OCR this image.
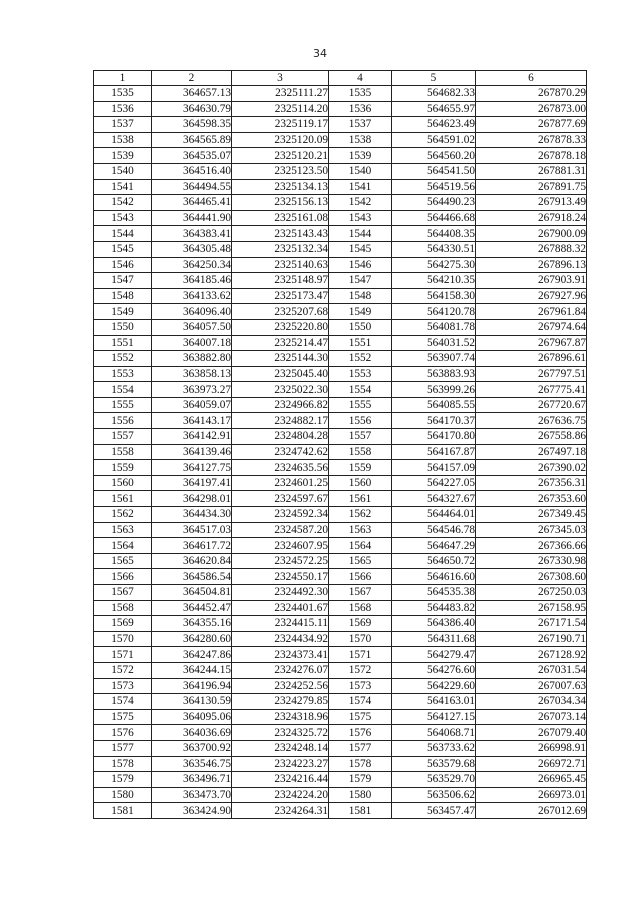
34
1	2	3	4	5	6
1535	364657.13	2325111.27	1535	564682.33	267870.29
1536	364630.79	2325114.20	1536	564655.97	267873.00
1537	364598.35	2325119.17	1537	564623.49	267877.69
1538	364565.89	2325120.09	1538	564591.02	267878.33
1539	364535.07	2325120.21	1539	564560.20	267878.18
1540	364516.40	2325123.50	1540	564541.50	267881.31
1541	364494.55	2325134.13	1541	564519.56	267891.75
1542	364465.41	2325156.13	1542	564490.23	267913.49
1543	364441.90	2325161.08	1543	564466.68	267918.24
1544	364383.41	2325143.43	1544	564408.35	267900.09
1545	364305.48	2325132.34	1545	564330.51	267888.32
1546	364250.34	2325140.63	1546	564275.30	267896.13
1547	364185.46	2325148.97	1547	564210.35	267903.91
1548	364133.62	2325173.47	1548	564158.30	267927.96
1549	364096.40	2325207.68	1549	564120.78	267961.84
1550	364057.50	2325220.80	1550	564081.78	267974.64
1551	364007.18	2325214.47	1551	564031.52	267967.87
1552	363882.80	2325144.30	1552	563907.74	267896.61
1553	363858.13	2325045.40	1553	563883.93	267797.51
1554	363973.27	2325022.30	1554	563999.26	267775.41
1555	364059.07	2324966.82	1555	564085.55	267720.67
1556	364143.17	2324882.17	1556	564170.37	267636.75
1557	364142.91	2324804.28	1557	564170.80	267558.86
1558	364139.46	2324742.62	1558	564167.87	267497.18
1559	364127.75	2324635.56	1559	564157.09	267390.02
1560	364197.41	2324601.25	1560	564227.05	267356.31
1561	364298.01	2324597.67	1561	564327.67	267353.60
1562	364434.30	2324592.34	1562	564464.01	267349.45
1563	364517.03	2324587.20	1563	564546.78	267345.03
1564	364617.72	2324607.95	1564	564647.29	267366.66
1565	364620.84	2324572.25	1565	564650.72	267330.98
1566	364586.54	2324550.17	1566	564616.60	267308.60
1567	364504.81	2324492.30	1567	564535.38	267250.03
1568	364452.47	2324401.67	1568	564483.82	267158.95
1569	364355.16	2324415.11	1569	564386.40	267171.54
1570	364280.60	2324434.92	1570	564311.68	267190.71
1571	364247.86	2324373.41	1571	564279.47	267128.92
1572	364244.15	2324276.07	1572	564276.60	267031.54
1573	364196.94	2324252.56	1573	564229.60	267007.63
1574	364130.59	2324279.85	1574	564163.01	267034.34
1575	364095.06	2324318.96	1575	564127.15	267073.14
1576	364036.69	2324325.72	1576	564068.71	267079.40
1577	363700.92	2324248.14	1577	563733.62	266998.91
1578	363546.75	2324223.27	1578	563579.68	266972.71
1579	363496.71	2324216.44	1579	563529.70	266965.45
1580	363473.70	2324224.20	1580	563506.62	266973.01
1581	363424.90	2324264.31	1581	563457.47	267012.69
